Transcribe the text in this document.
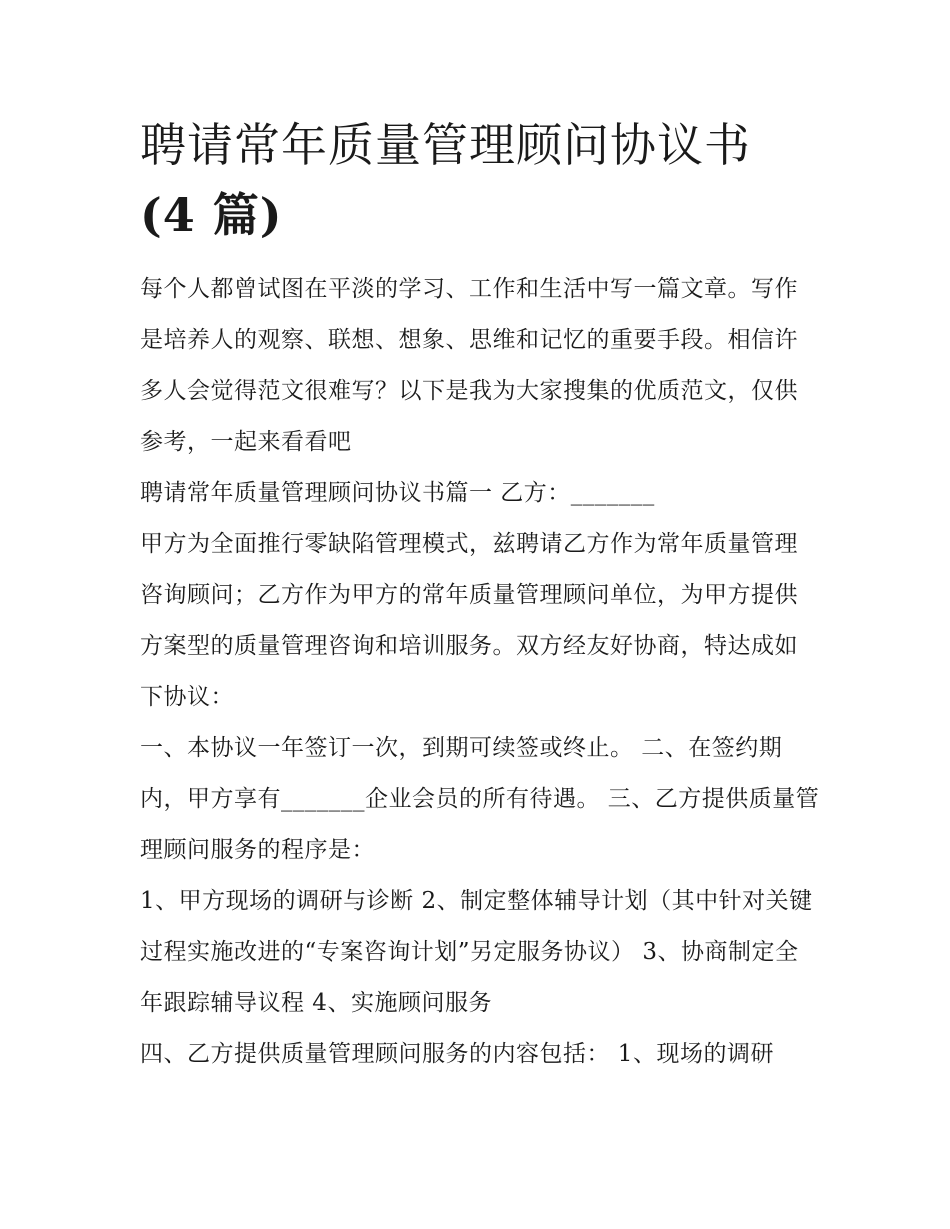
聘请常年质量管理顾问协议书
(4 篇)

每个人都曾试图在平淡的学习、工作和生活中写一篇文章。写作是培养人的观察、联想、想象、思维和记忆的重要手段。相信许多人会觉得范文很难写？以下是我为大家搜集的优质范文，仅供参考，一起来看看吧

聘请常年质量管理顾问协议书篇一 乙方：_______

甲方为全面推行零缺陷管理模式，兹聘请乙方作为常年质量管理咨询顾问；乙方作为甲方的常年质量管理顾问单位，为甲方提供方案型的质量管理咨询和培训服务。双方经友好协商，特达成如下协议：

一、本协议一年签订一次，到期可续签或终止。 二、在签约期内，甲方享有_______企业会员的所有待遇。 三、乙方提供质量管理顾问服务的程序是：

1、甲方现场的调研与诊断 2、制定整体辅导计划（其中针对关键过程实施改进的“专案咨询计划”另定服务协议） 3、协商制定全年跟踪辅导议程 4、实施顾问服务

四、乙方提供质量管理顾问服务的内容包括： 1、现场的调研
